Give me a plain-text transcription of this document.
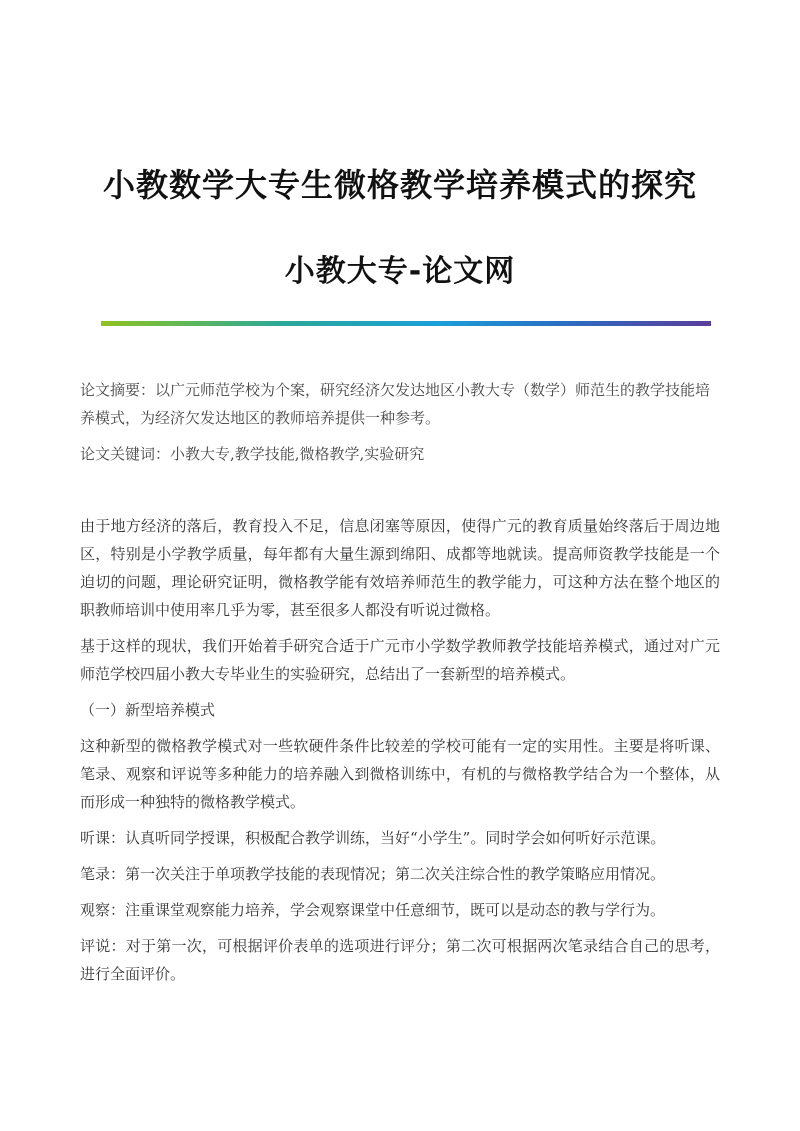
小教数学大专生微格教学培养模式的探究
小教大专-论文网
论文摘要：以广元师范学校为个案，研究经济欠发达地区小教大专（数学）师范生的教学技能培养模式，为经济欠发达地区的教师培养提供一种参考。
论文关键词：小教大专,教学技能,微格教学,实验研究

由于地方经济的落后，教育投入不足，信息闭塞等原因，使得广元的教育质量始终落后于周边地区，特别是小学教学质量，每年都有大量生源到绵阳、成都等地就读。提高师资教学技能是一个迫切的问题，理论研究证明，微格教学能有效培养师范生的教学能力，可这种方法在整个地区的职教师培训中使用率几乎为零，甚至很多人都没有听说过微格。

基于这样的现状，我们开始着手研究合适于广元市小学数学教师教学技能培养模式，通过对广元师范学校四届小教大专毕业生的实验研究，总结出了一套新型的培养模式。

（一）新型培养模式

这种新型的微格教学模式对一些软硬件条件比较差的学校可能有一定的实用性。主要是将听课、笔录、观察和评说等多种能力的培养融入到微格训练中，有机的与微格教学结合为一个整体，从而形成一种独特的微格教学模式。

听课：认真听同学授课，积极配合教学训练，当好“小学生”。同时学会如何听好示范课。

笔录：第一次关注于单项教学技能的表现情况；第二次关注综合性的教学策略应用情况。

观察：注重课堂观察能力培养，学会观察课堂中任意细节，既可以是动态的教与学行为。

评说：对于第一次，可根据评价表单的选项进行评分；第二次可根据两次笔录结合自己的思考，进行全面评价。
